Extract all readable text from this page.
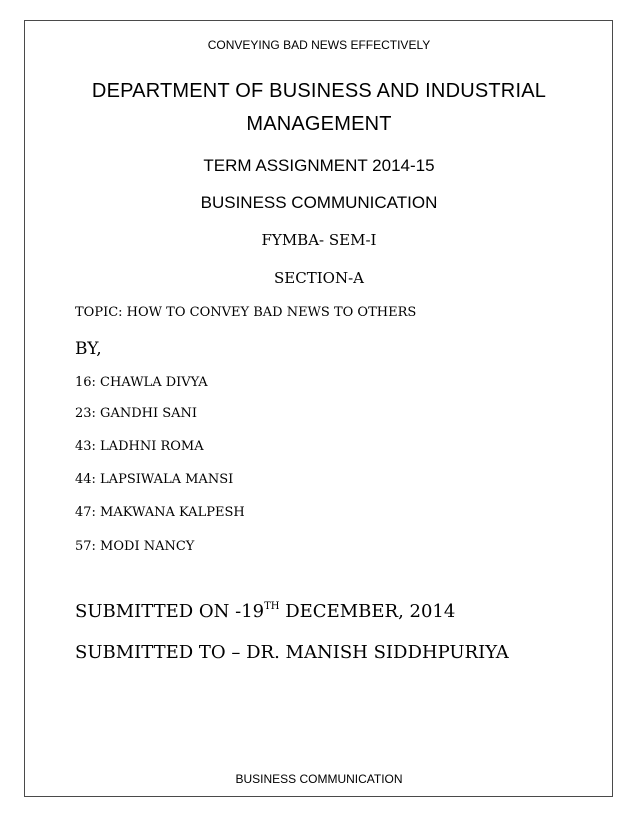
CONVEYING BAD NEWS EFFECTIVELY
DEPARTMENT OF BUSINESS AND INDUSTRIAL
MANAGEMENT
TERM ASSIGNMENT 2014-15
BUSINESS COMMUNICATION
FYMBA- SEM-I
SECTION-A
TOPIC: HOW TO CONVEY BAD NEWS TO OTHERS
BY,
16: CHAWLA DIVYA
23: GANDHI SANI
43: LADHNI ROMA
44: LAPSIWALA MANSI
47: MAKWANA KALPESH
57: MODI NANCY
SUBMITTED ON -19TH DECEMBER, 2014
SUBMITTED TO – DR. MANISH SIDDHPURIYA
BUSINESS COMMUNICATION
